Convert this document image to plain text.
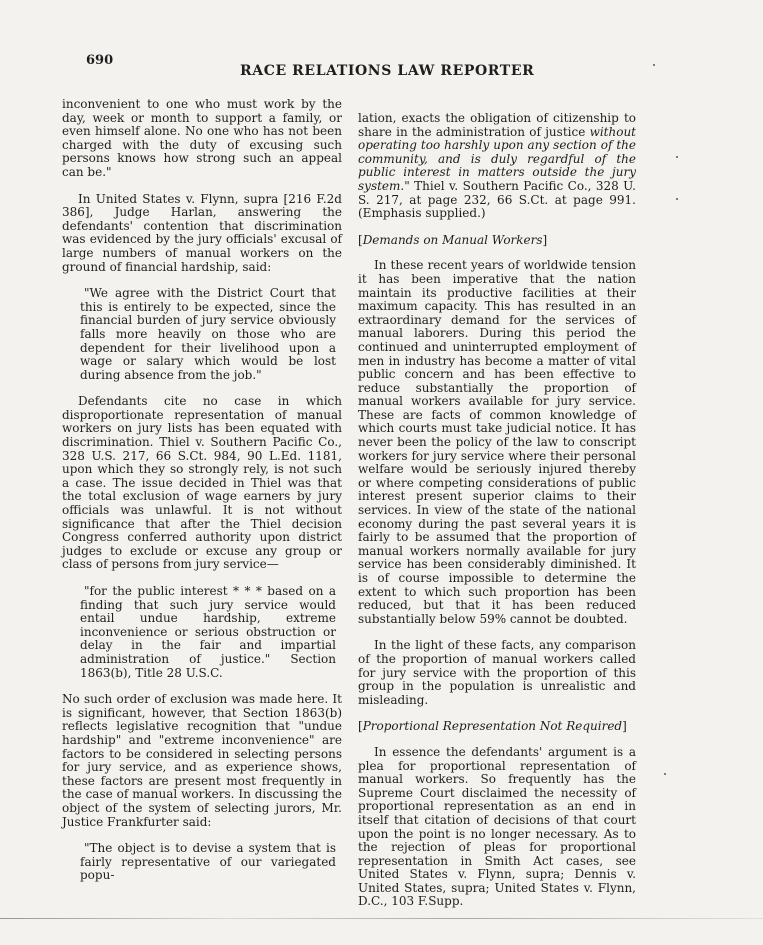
690
RACE RELATIONS LAW REPORTER

inconvenient to one who must work by the day, week or month to support a family, or even himself alone. No one who has not been charged with the duty of excusing such persons knows how strong such an appeal can be."

In United States v. Flynn, supra [216 F.2d 386], Judge Harlan, answering the defendants' contention that discrimination was evidenced by the jury officials' excusal of large numbers of manual workers on the ground of financial hardship, said:

"We agree with the District Court that this is entirely to be expected, since the financial burden of jury service obviously falls more heavily on those who are dependent for their livelihood upon a wage or salary which would be lost during absence from the job."

Defendants cite no case in which disproportionate representation of manual workers on jury lists has been equated with discrimination. Thiel v. Southern Pacific Co., 328 U.S. 217, 66 S.Ct. 984, 90 L.Ed. 1181, upon which they so strongly rely, is not such a case. The issue decided in Thiel was that the total exclusion of wage earners by jury officials was unlawful. It is not without significance that after the Thiel decision Congress conferred authority upon district judges to exclude or excuse any group or class of persons from jury service—

"for the public interest * * * based on a finding that such jury service would entail undue hardship, extreme inconvenience or serious obstruction or delay in the fair and impartial administration of justice." Section 1863(b), Title 28 U.S.C.

No such order of exclusion was made here. It is significant, however, that Section 1863(b) reflects legislative recognition that "undue hardship" and "extreme inconvenience" are factors to be considered in selecting persons for jury service, and as experience shows, these factors are present most frequently in the case of manual workers. In discussing the object of the system of selecting jurors, Mr. Justice Frankfurter said:

"The object is to devise a system that is fairly representative of our variegated popu-

lation, exacts the obligation of citizenship to share in the administration of justice without operating too harshly upon any section of the community, and is duly regardful of the public interest in matters outside the jury system." Thiel v. Southern Pacific Co., 328 U. S. 217, at page 232, 66 S.Ct. at page 991. (Emphasis supplied.)

[Demands on Manual Workers]

In these recent years of worldwide tension it has been imperative that the nation maintain its productive facilities at their maximum capacity. This has resulted in an extraordinary demand for the services of manual laborers. During this period the continued and uninterrupted employment of men in industry has become a matter of vital public concern and has been effective to reduce substantially the proportion of manual workers available for jury service. These are facts of common knowledge of which courts must take judicial notice. It has never been the policy of the law to conscript workers for jury service where their personal welfare would be seriously injured thereby or where competing considerations of public interest present superior claims to their services. In view of the state of the national economy during the past several years it is fairly to be assumed that the proportion of manual workers normally available for jury service has been considerably diminished. It is of course impossible to determine the extent to which such proportion has been reduced, but that it has been reduced substantially below 59% cannot be doubted.

In the light of these facts, any comparison of the proportion of manual workers called for jury service with the proportion of this group in the population is unrealistic and misleading.

[Proportional Representation Not Required]

In essence the defendants' argument is a plea for proportional representation of manual workers. So frequently has the Supreme Court disclaimed the necessity of proportional representation as an end in itself that citation of decisions of that court upon the point is no longer necessary. As to the rejection of pleas for proportional representation in Smith Act cases, see United States v. Flynn, supra; Dennis v. United States, supra; United States v. Flynn, D.C., 103 F.Supp.
